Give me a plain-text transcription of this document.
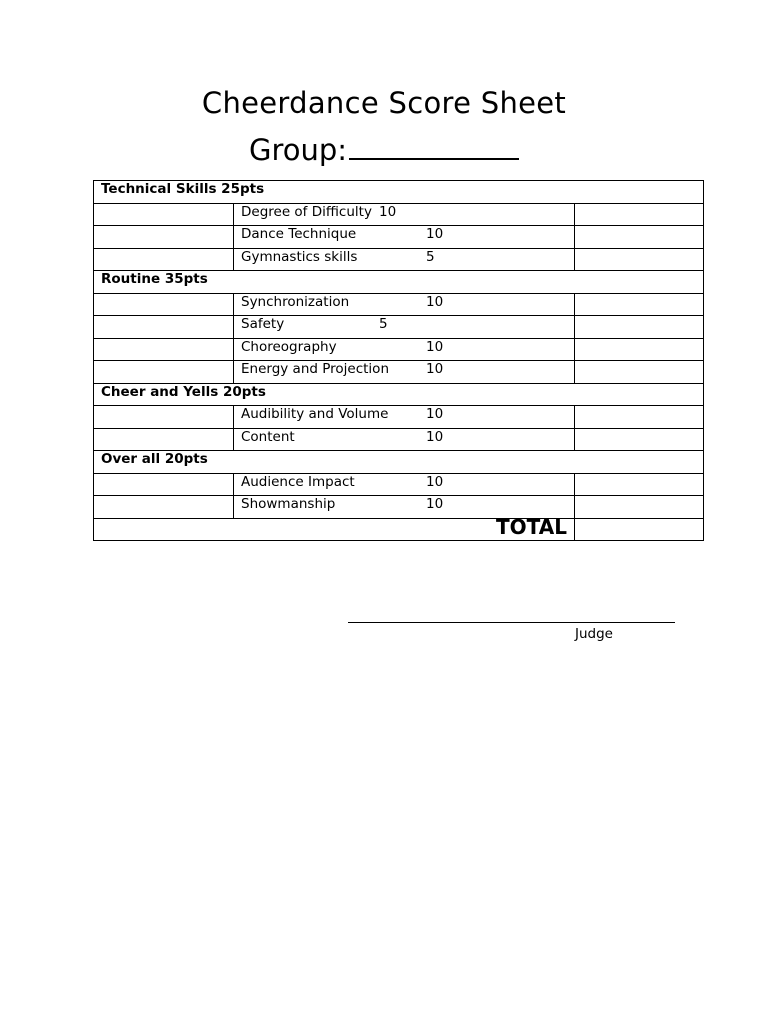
Cheerdance Score Sheet
Group:
Technical Skills 25pts		

	Degree of Difficulty 10	

	Dance Technique 10	

	Gymnastics skills 5	

Routine 35pts		

	Synchronization 10	

	Safety 5	

	Choreography 10	

	Energy and Projection 10	

Cheer and Yells 20pts		

	Audibility and Volume 10	

	Content 10	

Over all 20pts		

	Audience Impact 10	

	Showmanship 10	

TOTAL		
Judge
